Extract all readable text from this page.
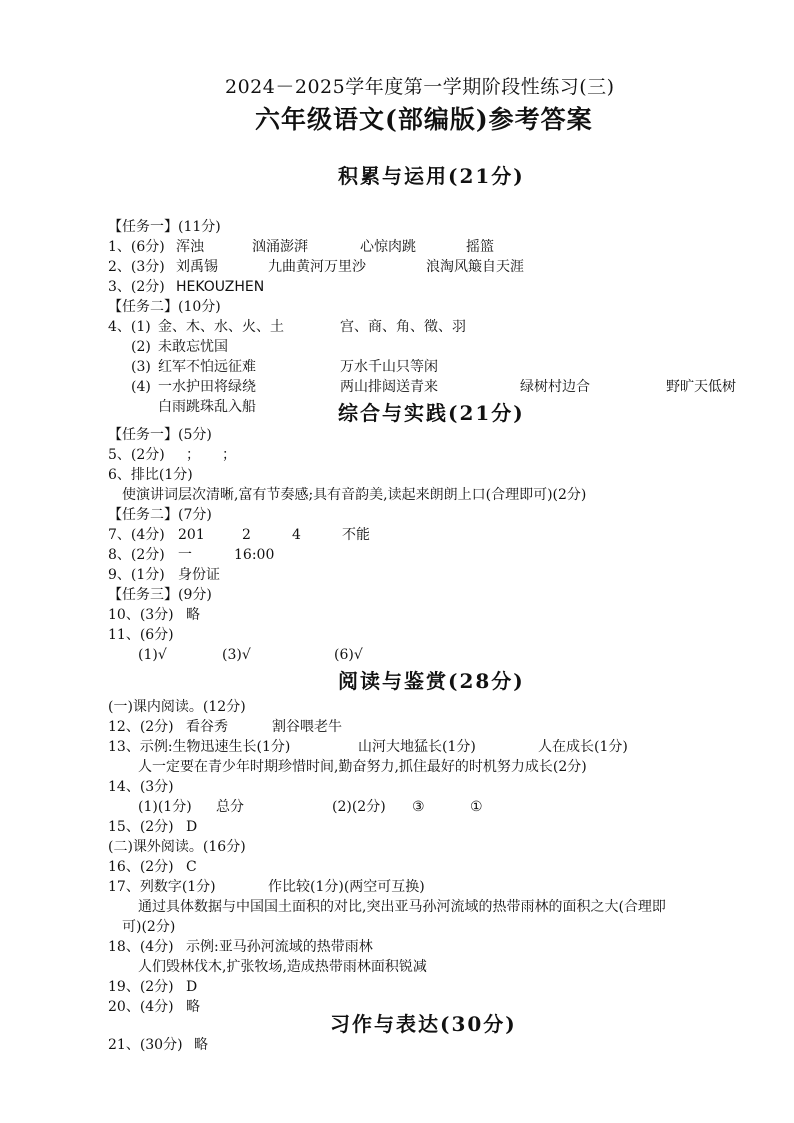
2024－2025学年度第一学期阶段性练习(三)
六年级语文(部编版)参考答案
积累与运用(21分)
【任务一】(11分)
1、(6分) 浑浊	汹涌澎湃	心惊肉跳	摇篮
2、(3分) 刘禹锡	九曲黄河万里沙	浪淘风簸自天涯
3、(2分) HEKOUZHEN
【任务二】(10分)
4、(1) 金、木、水、火、土	宫、商、角、徵、羽
(2) 未敢忘忧国
(3) 红军不怕远征难	万水千山只等闲
(4) 一水护田将绿绕	两山排闼送青来	绿树村边合	野旷天低树
白雨跳珠乱入船	综合与实践(21分)
【任务一】(5分)
5、(2分) ； ；
6、排比(1分)
使演讲词层次清晰,富有节奏感;具有音韵美,读起来朗朗上口(合理即可)(2分)
【任务二】(7分)
7、(4分) 201	2	4	不能
8、(2分) 一	16:00
9、(1分) 身份证
【任务三】(9分)
10、(3分) 略
11、(6分)
(1)√	(3)√	(6)√
阅读与鉴赏(28分)
(一)课内阅读。(12分)
12、(2分) 看谷秀	割谷喂老牛
13、示例:生物迅速生长(1分)	山河大地猛长(1分)	人在成长(1分)
人一定要在青少年时期珍惜时间,勤奋努力,抓住最好的时机努力成长(2分)
14、(3分)
(1)(1分) 总分	(2)(2分) ③	①
15、(2分) D
(二)课外阅读。(16分)
16、(2分) C
17、列数字(1分)	作比较(1分)(两空可互换)
通过具体数据与中国国土面积的对比,突出亚马孙河流域的热带雨林的面积之大(合理即
可)(2分)
18、(4分) 示例:亚马孙河流域的热带雨林
人们毁林伐木,扩张牧场,造成热带雨林面积锐减
19、(2分) D
20、(4分) 略
习作与表达(30分)
21、(30分) 略
